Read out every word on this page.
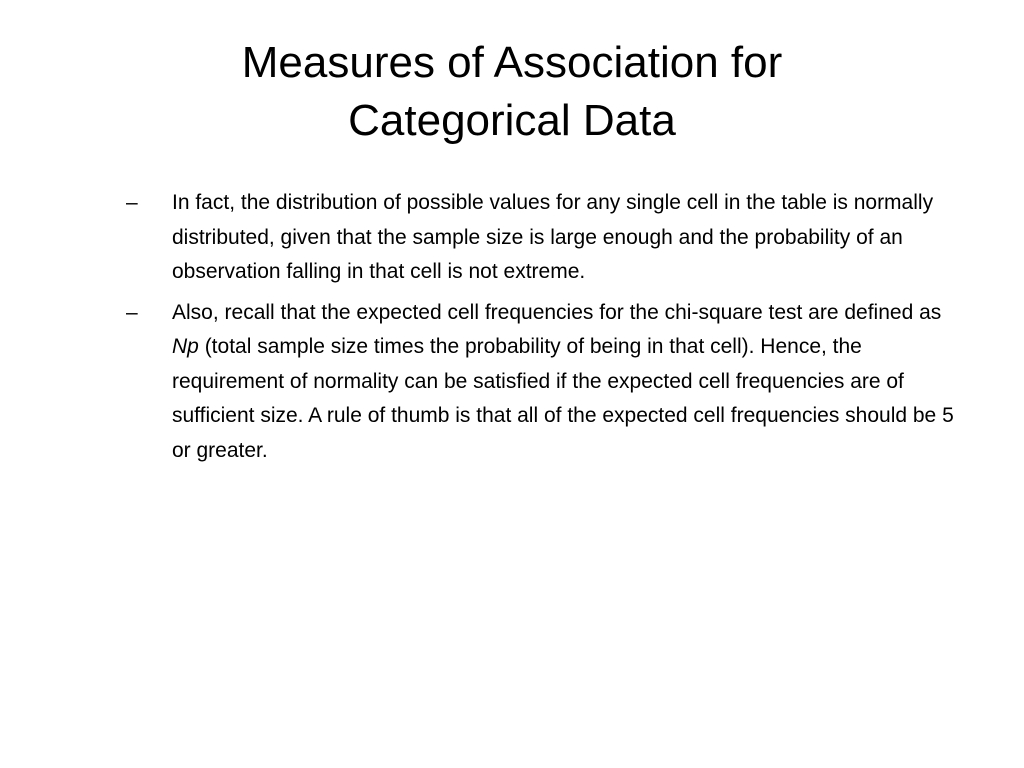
Measures of Association for
Categorical Data
– In fact, the distribution of possible values for any single cell in the table is normally distributed, given that the sample size is large enough and the probability of an observation falling in that cell is not extreme.
– Also, recall that the expected cell frequencies for the chi-square test are defined as Np (total sample size times the probability of being in that cell). Hence, the requirement of normality can be satisfied if the expected cell frequencies are of sufficient size. A rule of thumb is that all of the expected cell frequencies should be 5 or greater.
